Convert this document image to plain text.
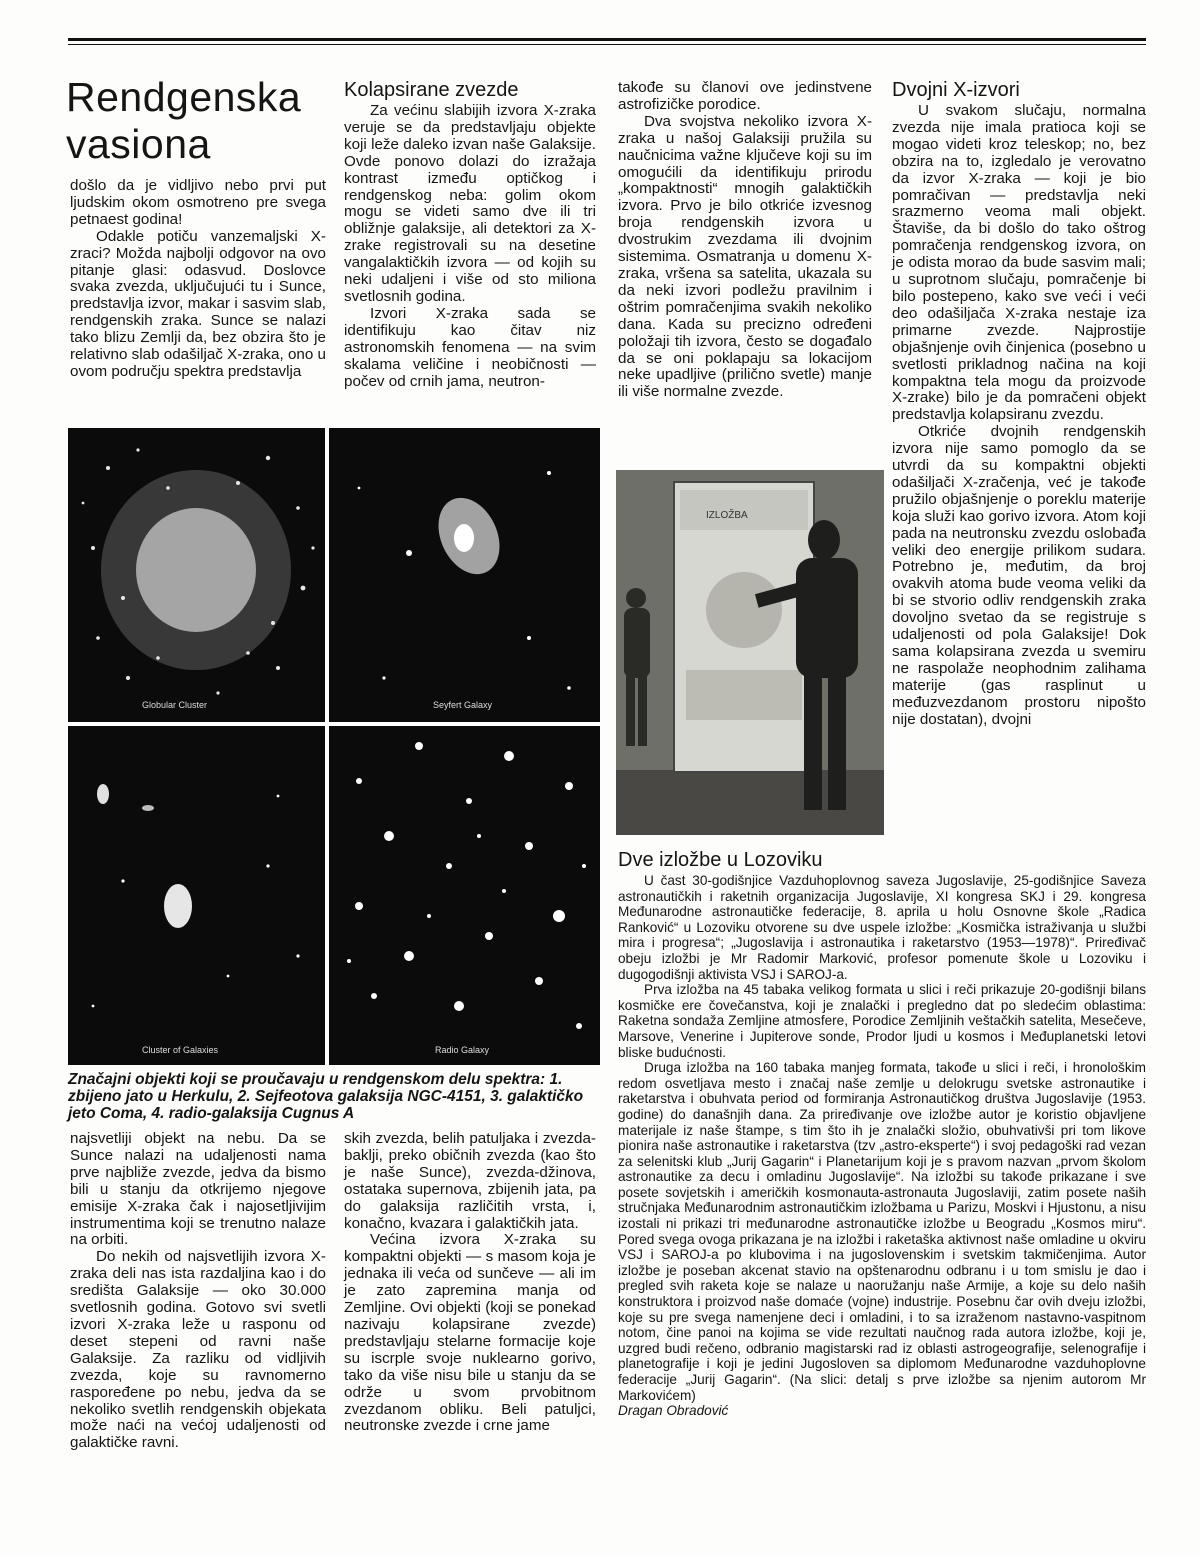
Rendgenska vasiona

došlo da je vidljivo nebo prvi put ljudskim okom osmotreno pre svega petnaest godina!

Odakle potiču vanzemaljski X-zraci? Možda najbolji odgovor na ovo pitanje glasi: odasvud. Doslovce svaka zvezda, uključujući tu i Sunce, predstavlja izvor, makar i sasvim slab, rendgenskih zraka. Sunce se nalazi tako blizu Zemlji da, bez obzira što je relativno slab odašiljač X-zraka, ono u ovom području spektra predstavlja

Kolapsirane zvezde

Za većinu slabijih izvora X-zraka veruje se da predstavljaju objekte koji leže daleko izvan naše Galaksije. Ovde ponovo dolazi do izražaja kontrast između optičkog i rendgenskog neba: golim okom mogu se videti samo dve ili tri obližnje galaksije, ali detektori za X-zrake registrovali su na desetine vangalaktičkih izvora — od kojih su neki udaljeni i više od sto miliona svetlosnih godina.

Izvori X-zraka sada se identifikuju kao čitav niz astronomskih fenomena — na svim skalama veličine i neobičnosti — počev od crnih jama, neutron-

takođe su članovi ove jedinstvene astrofizičke porodice.

Dva svojstva nekoliko izvora X-zraka u našoj Galaksiji pružila su naučnicima važne ključeve koji su im omogućili da identifikuju prirodu „kompaktnosti“ mnogih galaktičkih izvora. Prvo je bilo otkriće izvesnog broja rendgenskih izvora u dvostrukim zvezdama ili dvojnim sistemima. Osmatranja u domenu X-zraka, vršena sa satelita, ukazala su da neki izvori podležu pravilnim i oštrim pomračenjima svakih nekoliko dana. Kada su precizno određeni položaji tih izvora, često se događalo da se oni poklapaju sa lokacijom neke upadljive (prilično svetle) manje ili više normalne zvezde.

Dvojni X-izvori

U svakom slučaju, normalna zvezda nije imala pratioca koji se mogao videti kroz teleskop; no, bez obzira na to, izgledalo je verovatno da izvor X-zraka — koji je bio pomračivan — predstavlja neki srazmerno veoma mali objekt. Štaviše, da bi došlo do tako oštrog pomračenja rendgenskog izvora, on je odista morao da bude sasvim mali; u suprotnom slučaju, pomračenje bi bilo postepeno, kako sve veći i veći deo odašiljača X-zraka nestaje iza primarne zvezde. Najprostije objašnjenje ovih činjenica (posebno u svetlosti prikladnog načina na koji kompaktna tela mogu da proizvode X-zrake) bilo je da pomračeni objekt predstavlja kolapsiranu zvezdu.

Otkriće dvojnih rendgenskih izvora nije samo pomoglo da se utvrdi da su kompaktni objekti odašiljači X-zračenja, već je takođe pružilo objašnjenje o poreklu materije koja služi kao gorivo izvora. Atom koji pada na neutronsku zvezdu oslobađa veliki deo energije prilikom sudara. Potrebno je, međutim, da broj ovakvih atoma bude veoma veliki da bi se stvorio odliv rendgenskih zraka dovoljno svetao da se registruje s udaljenosti od pola Galaksije! Dok sama kolapsirana zvezda u svemiru ne raspolaže neophodnim zalihama materije (gas rasplinut u međuzvezdanom prostoru nipošto nije dostatan), dvojni

Globular Cluster	Seyfert Galaxy
Cluster of Galaxies	Radio Galaxy
Značajni objekti koji se proučavaju u rendgenskom delu spektra: 1. zbijeno jato u Herkulu, 2. Sejfeotova galaksija NGC-4151, 3. galaktičko jeto Coma, 4. radio-galaksija Cugnus A
IZLOŽBA

najsvetliji objekt na nebu. Da se Sunce nalazi na udaljenosti nama prve najbliže zvezde, jedva da bismo bili u stanju da otkrijemo njegove emisije X-zraka čak i najosetljivijim instrumentima koji se trenutno nalaze na orbiti.

Do nekih od najsvetlijih izvora X-zraka deli nas ista razdaljina kao i do središta Galaksije — oko 30.000 svetlosnih godina. Gotovo svi svetli izvori X-zraka leže u rasponu od deset stepeni od ravni naše Galaksije. Za razliku od vidljivih zvezda, koje su ravnomerno raspoređene po nebu, jedva da se nekoliko svetlih rendgenskih objekata može naći na većoj udaljenosti od galaktičke ravni.

skih zvezda, belih patuljaka i zvezda-baklji, preko običnih zvezda (kao što je naše Sunce), zvezda-džinova, ostataka supernova, zbijenih jata, pa do galaksija različitih vrsta, i, konačno, kvazara i galaktičkih jata.

Većina izvora X-zraka su kompaktni objekti — s masom koja je jednaka ili veća od sunčeve — ali im je zato zapremina manja od Zemljine. Ovi objekti (koji se ponekad nazivaju kolapsirane zvezde) predstavljaju stelarne formacije koje su iscrple svoje nuklearno gorivo, tako da više nisu bile u stanju da se održe u svom prvobitnom zvezdanom obliku. Beli patuljci, neutronske zvezde i crne jame

Dve izložbe u Lozoviku

U čast 30-godišnjice Vazduhoplovnog saveza Jugoslavije, 25-godišnjice Saveza astronautičkih i raketnih organizacija Jugoslavije, XI kongresa SKJ i 29. kongresa Međunarodne astronautičke federacije, 8. aprila u holu Osnovne škole „Radica Ranković“ u Lozoviku otvorene su dve uspele izložbe: „Kosmička istraživanja u službi mira i progresa“; „Jugoslavija i astronautika i raketarstvo (1953—1978)“. Priređivač obeju izložbi je Mr Radomir Marković, profesor pomenute škole u Lozoviku i dugogodišnji aktivista VSJ i SAROJ-a.

Prva izložba na 45 tabaka velikog formata u slici i reči prikazuje 20-godišnji bilans kosmičke ere čovečanstva, koji je znalački i pregledno dat po sledećim oblastima: Raketna sondaža Zemljine atmosfere, Porodice Zemljinih veštačkih satelita, Mesečeve, Marsove, Venerine i Jupiterove sonde, Prodor ljudi u kosmos i Međuplanetski letovi bliske budućnosti.

Druga izložba na 160 tabaka manjeg formata, takođe u slici i reči, i hronološkim redom osvetljava mesto i značaj naše zemlje u delokrugu svetske astronautike i raketarstva i obuhvata period od formiranja Astronautičkog društva Jugoslavije (1953. godine) do današnjih dana. Za priređivanje ove izložbe autor je koristio objavljene materijale iz naše štampe, s tim što ih je znalački složio, obuhvativši pri tom likove pionira naše astronautike i raketarstva (tzv „astro-eksperte“) i svoj pedagoški rad vezan za selenitski klub „Jurij Gagarin“ i Planetarijum koji je s pravom nazvan „prvom školom astronautike za decu i omladinu Jugoslavije“. Na izložbi su takođe prikazane i sve posete sovjetskih i američkih kosmonauta-astronauta Jugoslaviji, zatim posete naših stručnjaka Međunarodnim astronautičkim izložbama u Parizu, Moskvi i Hjustonu, a nisu izostali ni prikazi tri međunarodne astronautičke izložbe u Beogradu „Kosmos miru“. Pored svega ovoga prikazana je na izložbi i raketaška aktivnost naše omladine u okviru VSJ i SAROJ-a po klubovima i na jugoslovenskim i svetskim takmičenjima. Autor izložbe je poseban akcenat stavio na opštenarodnu odbranu i u tom smislu je dao i pregled svih raketa koje se nalaze u naoružanju naše Armije, a koje su delo naših konstruktora i proizvod naše domaće (vojne) industrije. Posebnu čar ovih dveju izložbi, koje su pre svega namenjene deci i omladini, i to sa izraženom nastavno-vaspitnom notom, čine panoi na kojima se vide rezultati naučnog rada autora izložbe, koji je, uzgred budi rečeno, odbranio magistarski rad iz oblasti astrogeografije, selenografije i planetografije i koji je jedini Jugosloven sa diplomom Međunarodne vazduhoplovne federacije „Jurij Gagarin“. (Na slici: detalj s prve izložbe sa njenim autorom Mr Markovićem)

Dragan Obradović
